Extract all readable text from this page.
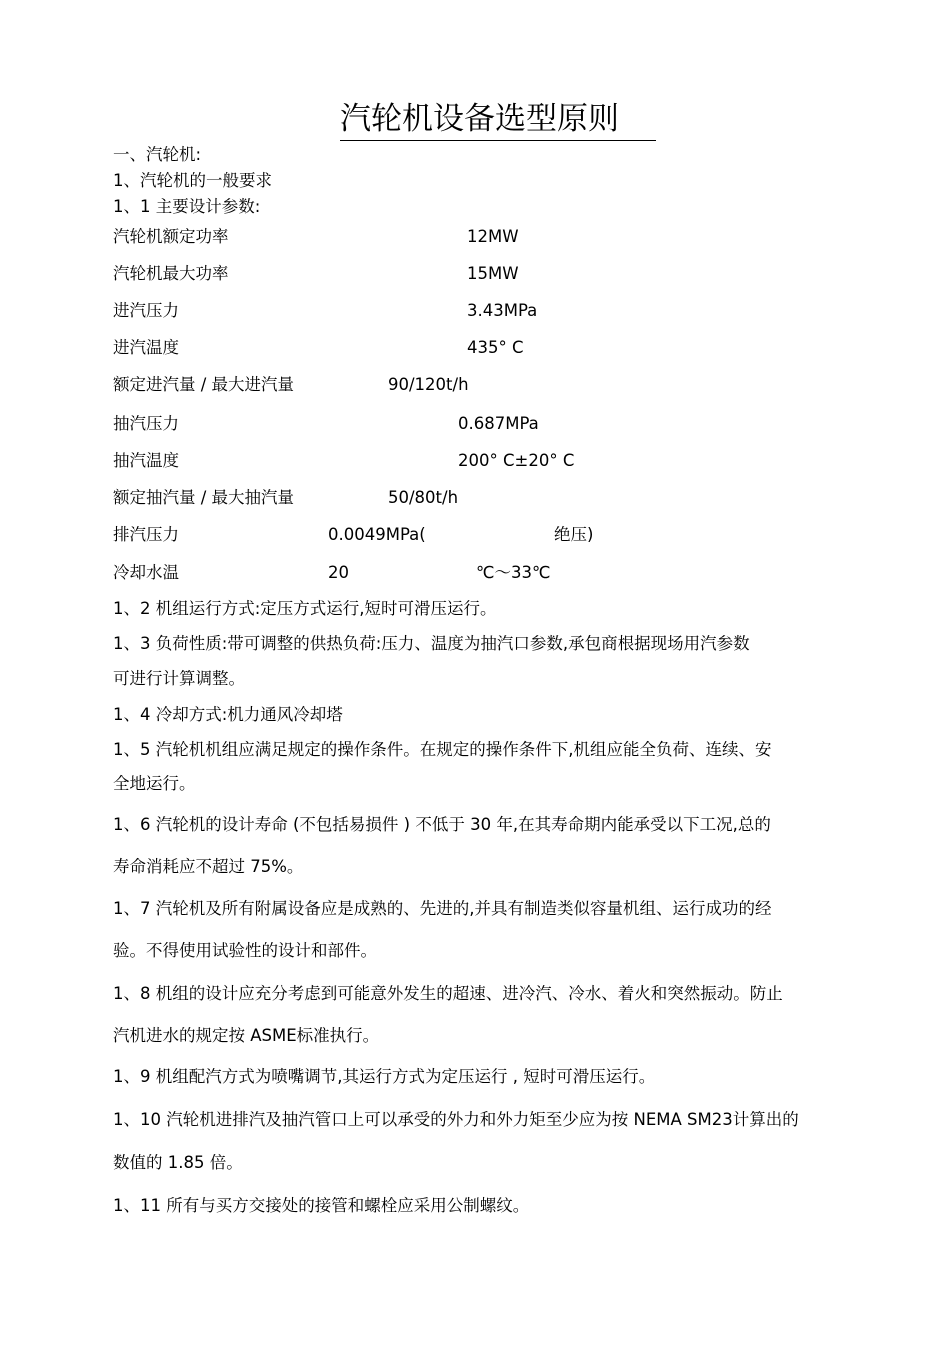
汽轮机设备选型原则
一、汽轮机:
1、汽轮机的一般要求
1、1 主要设计参数:
汽轮机额定功率	12MW
汽轮机最大功率	15MW
进汽压力	3.43MPa
进汽温度	435° C
额定进汽量 / 最大进汽量	90/120t/h
抽汽压力	0.687MPa
抽汽温度	200° C±20° C
额定抽汽量 / 最大抽汽量	50/80t/h
排汽压力	0.0049MPa(	绝压)
冷却水温	20	℃～33℃
1、2 机组运行方式:定压方式运行,短时可滑压运行。
1、3 负荷性质:带可调整的供热负荷:压力、温度为抽汽口参数,承包商根据现场用汽参数
可进行计算调整。
1、4 冷却方式:机力通风冷却塔
1、5 汽轮机机组应满足规定的操作条件。在规定的操作条件下,机组应能全负荷、连续、安
全地运行。
1、6 汽轮机的设计寿命 (不包括易损件 ) 不低于 30 年,在其寿命期内能承受以下工况,总的
寿命消耗应不超过 75%。
1、7 汽轮机及所有附属设备应是成熟的、先进的,并具有制造类似容量机组、运行成功的经
验。不得使用试验性的设计和部件。
1、8 机组的设计应充分考虑到可能意外发生的超速、进冷汽、冷水、着火和突然振动。防止
汽机进水的规定按 ASME标准执行。
1、9 机组配汽方式为喷嘴调节,其运行方式为定压运行 , 短时可滑压运行。
1、10 汽轮机进排汽及抽汽管口上可以承受的外力和外力矩至少应为按 NEMA SM23计算出的
数值的 1.85 倍。
1、11 所有与买方交接处的接管和螺栓应采用公制螺纹。
